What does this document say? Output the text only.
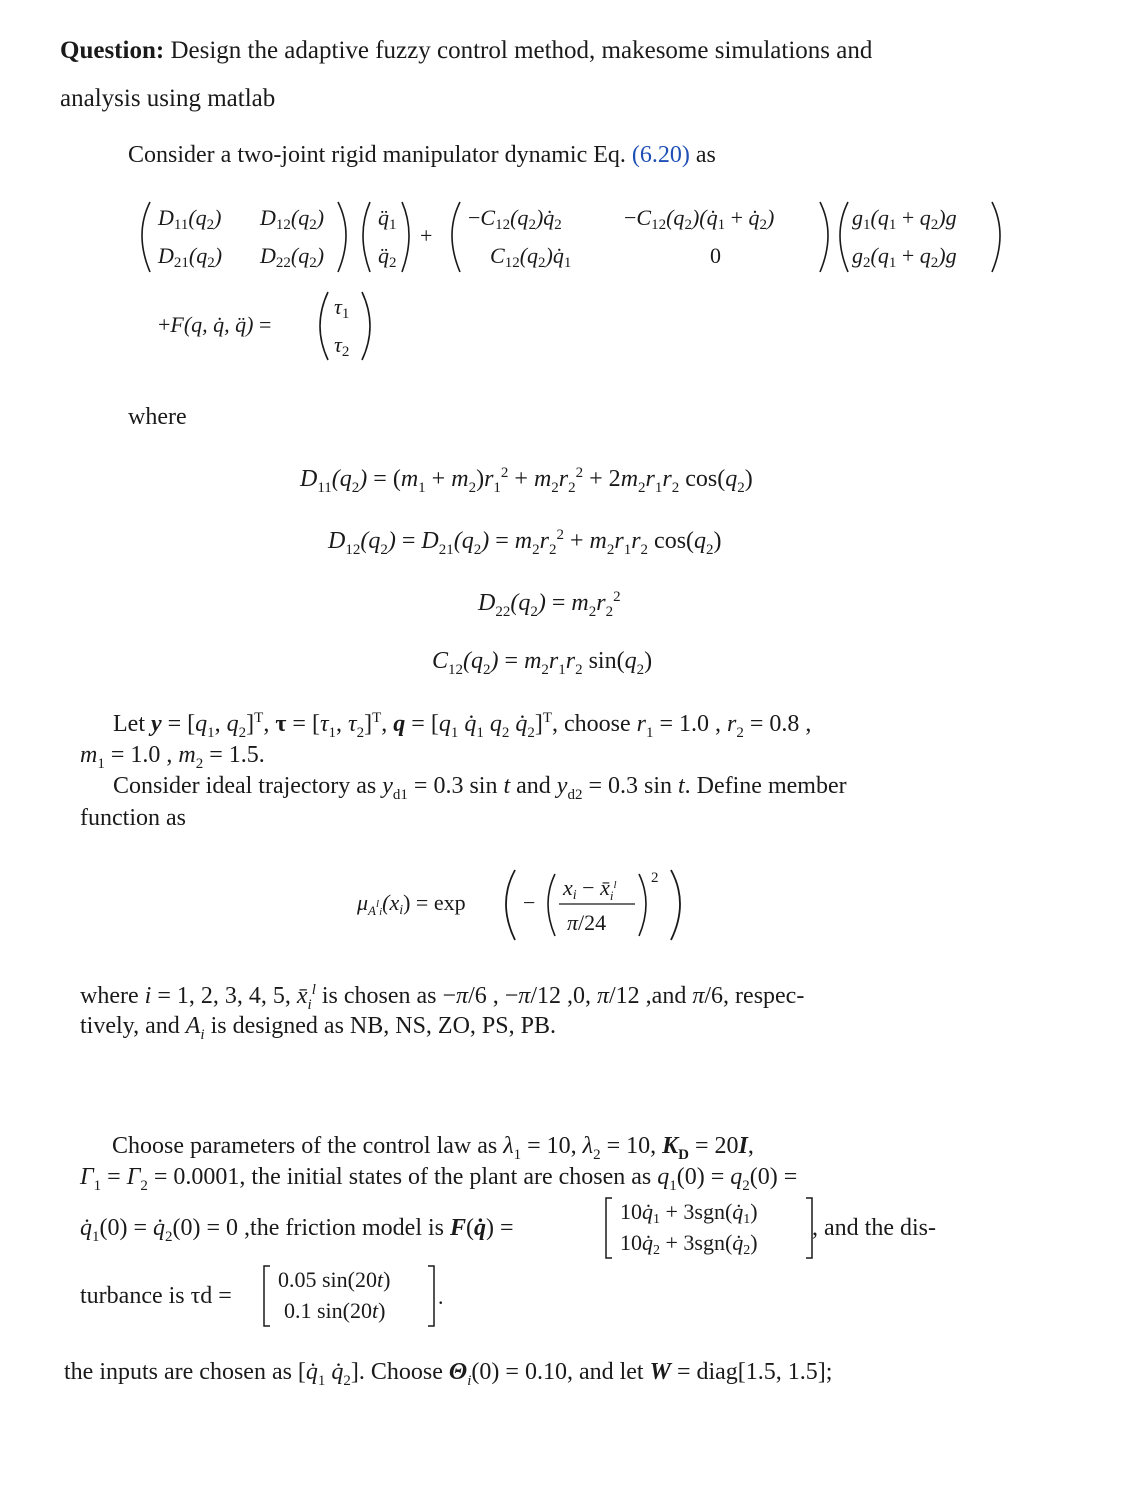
Question: Design the adaptive fuzzy control method, makesome simulations and
analysis using matlab
Consider a two-joint rigid manipulator dynamic Eq. (6.20) as
D11(q2) D12(q2)
D21(q2) D22(q2)
q̈1
q̈2
+
−C12(q2)q̇2	−C12(q2)(q̇1 + q̇2)
C12(q2)q̇1	0
g1(q1 + q2)g
g2(q1 + q2)g
+F(q, q̇, q̈) =
τ1
τ2
where
$D_{11}(q_2) = (m_1 + m_2)r_1^2 + m_2r_2^2 + 2m_2r_1r_2$ $\cos(q_2)$
$D_{12}(q_2) = D_{21}(q_2) = m_2r_2^2 + m_2r_1r_2$ $\cos(q_2)$
$D_{22}(q_2) = m_2r_2^2$
$C_{12}(q_2) = m_2r_1r_2$ $\sin(q_2)$
Let $y = [q_1$, $q_2]^T$, $\tau = [\tau_1$, $\tau_2]^T$, $q = [q_1$ $q̇_1$ $q_2$ $q̇_2]^T$, choose $r_1 = 1.0$ , $r_2 = 0.8$ ,
$m_1 = 1.0$ , $m_2 = 1.5$.
Consider ideal trajectory as $y_{d1} = 0.3$ sin t and $y_{d2} = 0.3$ sin t. Define member
function as
$\mu_A^l_i(xi) = \exp$	−
xi − $x̄_i^l$
π/24
2
where i = 1, 2, 3, 4, 5, $x̄_i^l$ is chosen as −π/6 , −π/12 ,0, π/12 ,and π/6, respec-
tively, and $A_i$ is designed as NB, NS, ZO, PS, PB.
Choose parameters of the control law as $\lambda_1 = 10$, $\lambda_2 = 10$, $K_D = 20I$,
$\Gamma_1 = \Gamma_2 = 0.0001$, the initial states of the plant are chosen as $q_1(0) = q_2(0)$ =
$q̇_1(0)$ = $q̇_2(0) = 0$ ,the friction model is F(q̇) =
10q̇1 + 3sgn(q̇1)
10q̇2 + 3sgn(q̇2)
, and the dis-
turbance is τd =
0.05 sin(20t)
0.1 sin(20t)
.
the inputs are chosen as [$q̇_1$ $q̇_2$]. Choose $\Theta_i(0) = 0.10$, and let W = diag[1.5, 1.5];
